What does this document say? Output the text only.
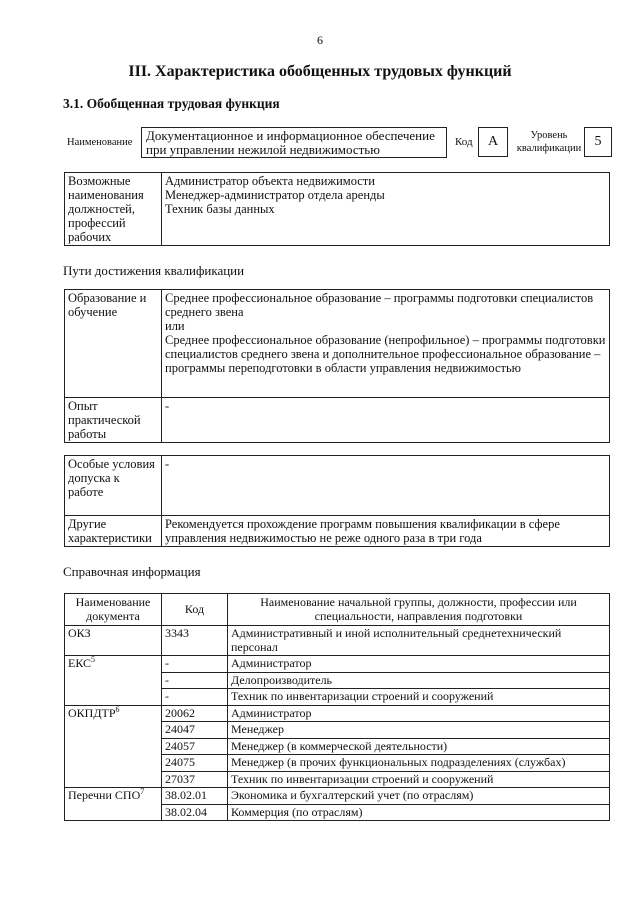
6
III. Характеристика обобщенных трудовых функций
3.1. Обобщенная трудовая функция
Наименование	Документационное и информационное обеспечение при управлении нежилой недвижимостью	Код	A	Уровень квалификации 5
Возможные наименования должностей, профессий рабочих	Администратор объекта недвижимости
Менеджер-администратор отдела аренды
Техник базы данных
Пути достижения квалификации
Образование и обучение	Среднее профессиональное образование – программы подготовки специалистов среднего звена
или
Среднее профессиональное образование (непрофильное) – программы подготовки специалистов среднего звена и дополнительное профессиональное образование – программы переподготовки в области управления недвижимостью
Опыт практической работы	-
Особые условия допуска к работе	-
Другие характеристики	Рекомендуется прохождение программ повышения квалификации в сфере управления недвижимостью не реже одного раза в три года
Справочная информация
Наименование документа	Код	Наименование начальной группы, должности, профессии или специальности, направления подготовки
ОКЗ	3343	Административный и иной исполнительный среднетехнический персонал
ЕКС$^5$	-	Администратор
	-	Делопроизводитель
	-	Техник по инвентаризации строений и сооружений
ОКПДТР$^6$	20062	Администратор
	24047	Менеджер
	24057	Менеджер (в коммерческой деятельности)
	24075	Менеджер (в прочих функциональных подразделениях (службах)
	27037	Техник по инвентаризации строений и сооружений
Перечни СПО$^7$	38.02.01	Экономика и бухгалтерский учет (по отраслям)
	38.02.04	Коммерция (по отраслям)
